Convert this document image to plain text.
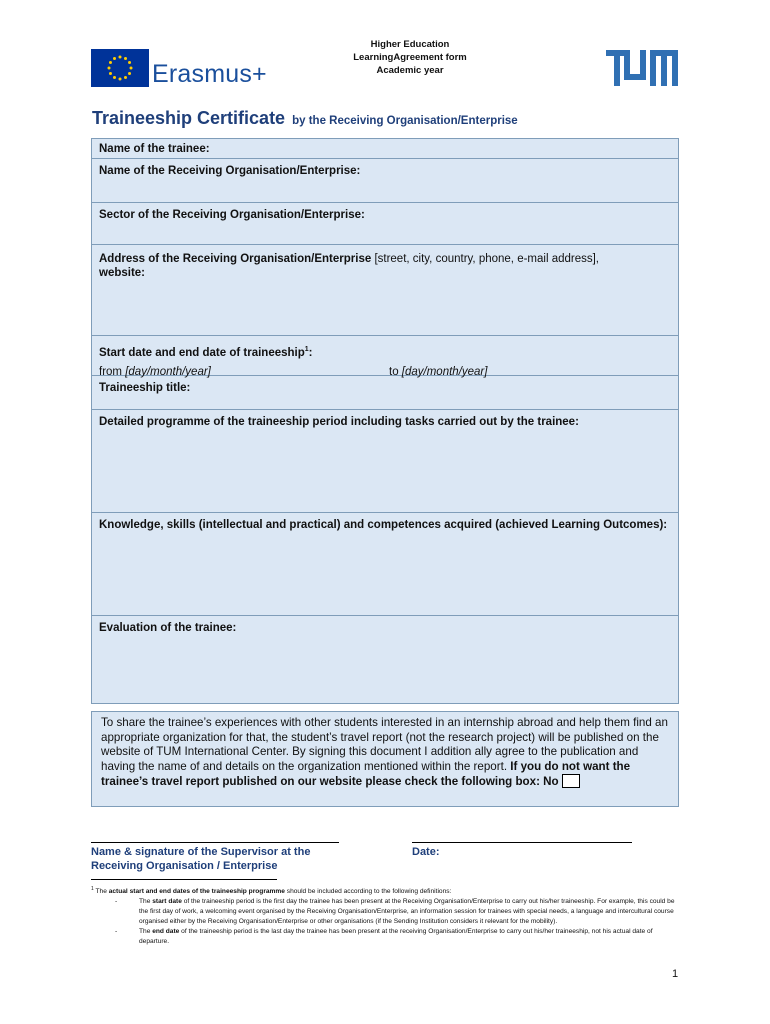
Erasmus+
Higher Education
LearningAgreement form
Academic year
Traineeship Certificate by the Receiving Organisation/Enterprise
Name of the trainee:
Name of the Receiving Organisation/Enterprise:
Sector of the Receiving Organisation/Enterprise:
Address of the Receiving Organisation/Enterprise [street, city, country, phone, e-mail address],
website:
Start date and end date of traineeship$^1$:
from [day/month/year]	to [day/month/year]
Traineeship title:
Detailed programme of the traineeship period including tasks carried out by the trainee:
Knowledge, skills (intellectual and practical) and competences acquired (achieved Learning Outcomes):
Evaluation of the trainee:
To share the trainee’s experiences with other students interested in an internship abroad and help them find an appropriate organization for that, the student’s travel report (not the research project) will be published on the website of TUM International Center. By signing this document I addition ally agree to the publication and having the name of and details on the organization mentioned within the report. If you do not want the trainee’s travel report published on our website please check the following box: No
Name & signature of the Supervisor at the
Receiving Organisation / Enterprise
Date:
$^1$ The actual start and end dates of the traineeship programme should be included according to the following definitions:
-	The start date of the traineeship period is the first day the trainee has been present at the Receiving Organisation/Enterprise to carry out his/her traineeship. For example, this could be the first day of work, a welcoming event organised by the Receiving Organisation/Enterprise, an information session for trainees with special needs, a language and intercultural course organised either by the Receiving Organisation/Enterprise or other organisations (if the Sending Institution considers it relevant for the mobility).
-	The end date of the traineeship period is the last day the trainee has been present at the receiving Organisation/Enterprise to carry out his/her traineeship, not his actual date of departure.
1
